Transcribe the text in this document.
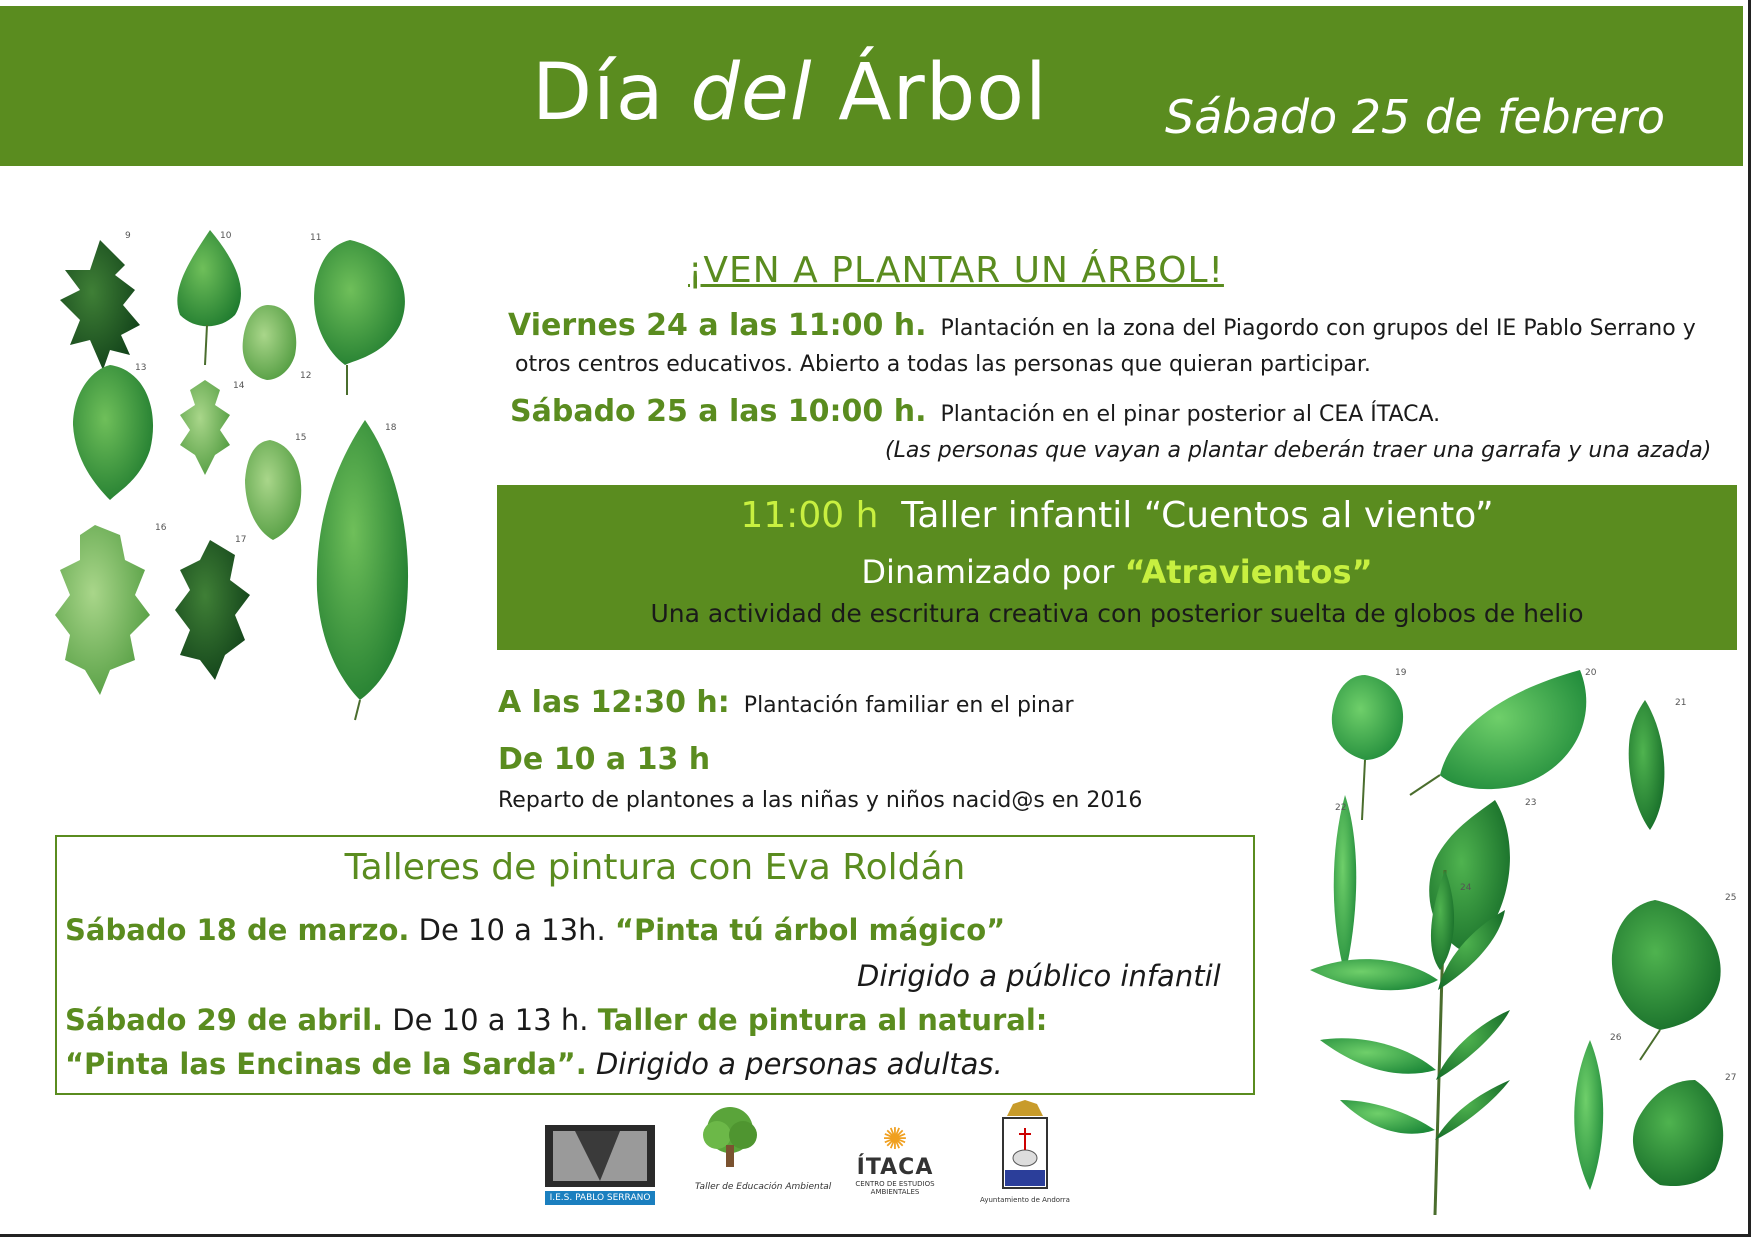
Día del Árbol	Sábado 25 de febrero
¡VEN A PLANTAR UN ÁRBOL!
Viernes 24 a las 11:00 h. Plantación en la zona del Piagordo con grupos del IE Pablo Serrano y
otros centros educativos. Abierto a todas las personas que quieran participar.
Sábado 25 a las 10:00 h. Plantación en el pinar posterior al CEA ÍTACA.
(Las personas que vayan a plantar deberán traer una garrafa y una azada)
11:00 h Taller infantil “Cuentos al viento”
Dinamizado por “Atravientos”
Una actividad de escritura creativa con posterior suelta de globos de helio
A las 12:30 h: Plantación familiar en el pinar
De 10 a 13 h
Reparto de plantones a las niñas y niños nacid@s en 2016
Talleres de pintura con Eva Roldán
Sábado 18 de marzo. De 10 a 13h. “Pinta tú árbol mágico”
Dirigido a público infantil
Sábado 29 de abril. De 10 a 13 h. Taller de pintura al natural:
“Pinta las Encinas de la Sarda”. Dirigido a personas adultas.
9	10	11
12
13
14
15
16
17
18
19	20
21
22	23
24
25
26
27
I.E.S. PABLO SERRANO
Taller de Educación Ambiental
✺
ÍTACA
CENTRO DE ESTUDIOS AMBIENTALES
Ayuntamiento de Andorra
